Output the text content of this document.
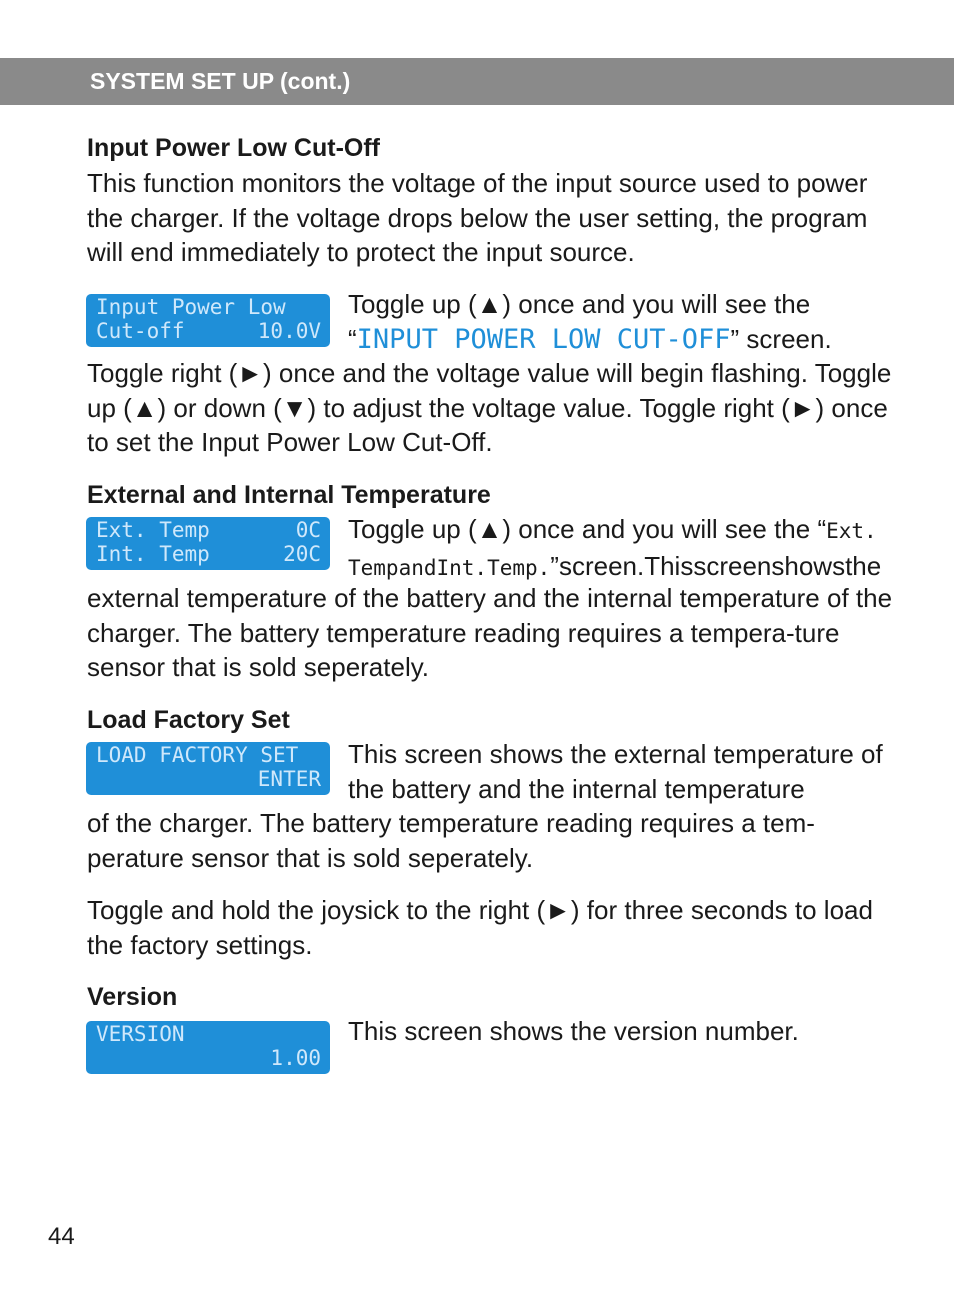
SYSTEM SET UP (cont.)
Input Power Low Cut-Off
This function monitors the voltage of the input source used to power the charger. If the voltage drops below the user setting, the program will end immediately to protect the input source.
Input Power Low
Cut-off	10.0V
Toggle up (▲) once and you will see the
“INPUT POWER LOW CUT-OFF” screen.
Toggle right (►) once and the voltage value will begin flashing. Toggle up (▲) or down (▼) to adjust the voltage value. Toggle right (►) once to set the Input Power Low Cut-Off.
External and Internal Temperature
Ext. Temp	0C
Int. Temp	20C
Toggle up (▲) once and you will see the “Ext.
TempandInt.Temp.”screen.Thisscreenshowsthe
external temperature of the battery and the internal temperature of the charger. The battery temperature reading requires a tempera-ture sensor that is sold seperately.
Load Factory Set
LOAD FACTORY SET
ENTER
This screen shows the external temperature of the battery and the internal temperature
of the charger. The battery temperature reading requires a tem-perature sensor that is sold seperately.
Toggle and hold the joysick to the right (►) for three seconds to load the factory settings.
Version
VERSION
1.00
This screen shows the version number.
44
